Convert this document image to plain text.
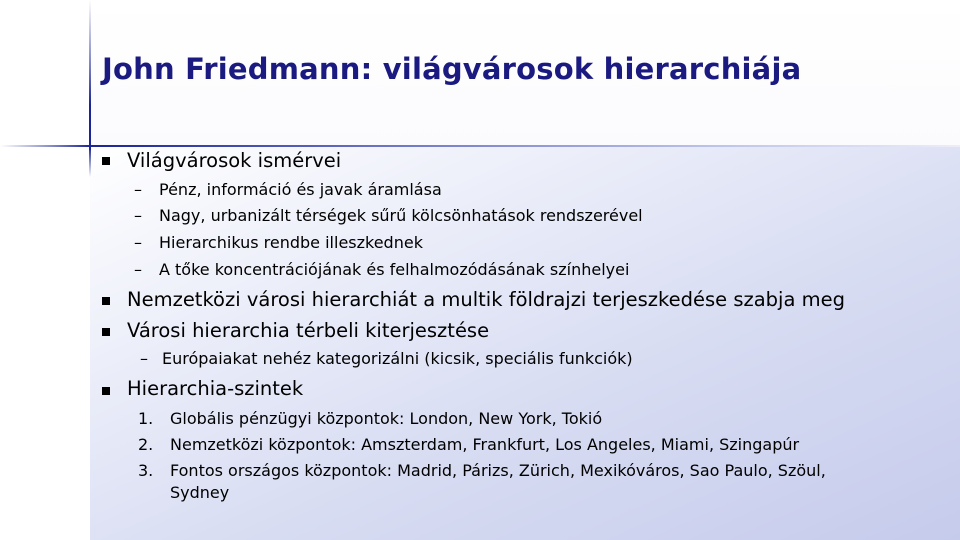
John Friedmann: világvárosok hierarchiája
Világvárosok ismérvei
– Pénz, információ és javak áramlása
– Nagy, urbanizált térségek sűrű kölcsönhatások rendszerével
– Hierarchikus rendbe illeszkednek
– A tőke koncentrációjának és felhalmozódásának színhelyei
Nemzetközi városi hierarchiát a multik földrajzi terjeszkedése szabja meg
Városi hierarchia térbeli kiterjesztése
– Európaiakat nehéz kategorizálni (kicsik, speciális funkciók)
Hierarchia-szintek
1. Globális pénzügyi központok: London, New York, Tokió
2. Nemzetközi központok: Amszterdam, Frankfurt, Los Angeles, Miami, Szingapúr
3. Fontos országos központok: Madrid, Párizs, Zürich, Mexikóváros, Sao Paulo, Szöul,
Sydney
